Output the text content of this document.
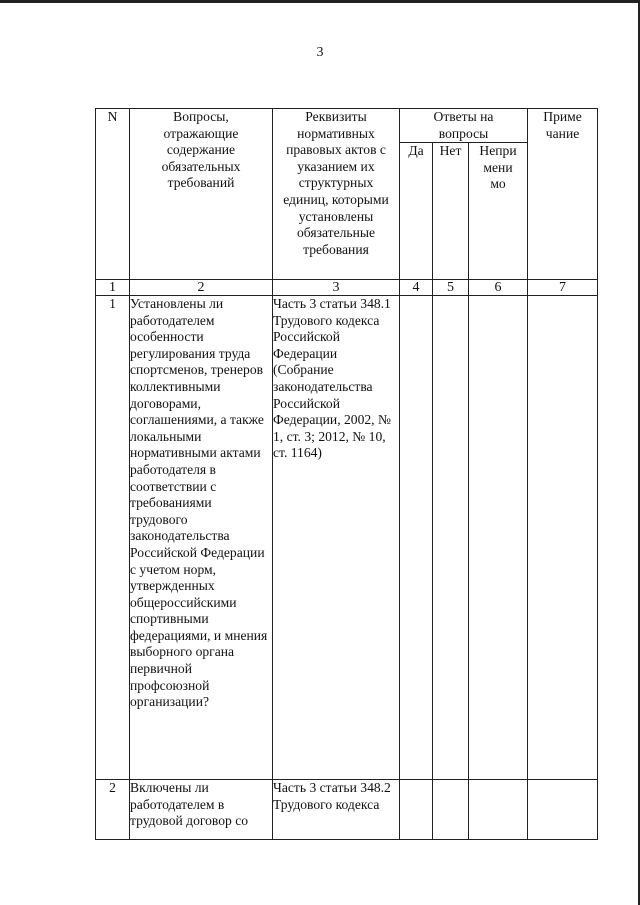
3
N	Вопросы, отражающие содержание обязательных требований	Реквизиты нормативных правовых актов с указанием их структурных единиц, которыми установлены обязательные требования	Ответы на вопросы			Приме чание
			Да	Нет	Непри мени мо	
1	2	3	4	5	6	7
1	Установлены ли работодателем особенности регулирования труда спортсменов, тренеров коллективными договорами, соглашениями, а также локальными нормативными актами работодателя в соответствии с требованиями трудового законодательства Российской Федерации с учетом норм, утвержденных общероссийскими спортивными федерациями, и мнения выборного органа первичной профсоюзной организации?	Часть 3 статьи 348.1 Трудового кодекса Российской Федерации (Собрание законодательства Российской Федерации, 2002, № 1, ст. 3; 2012, № 10, ст. 1164)				
2	Включены ли работодателем в трудовой договор со	Часть 3 статьи 348.2 Трудового кодекса				
